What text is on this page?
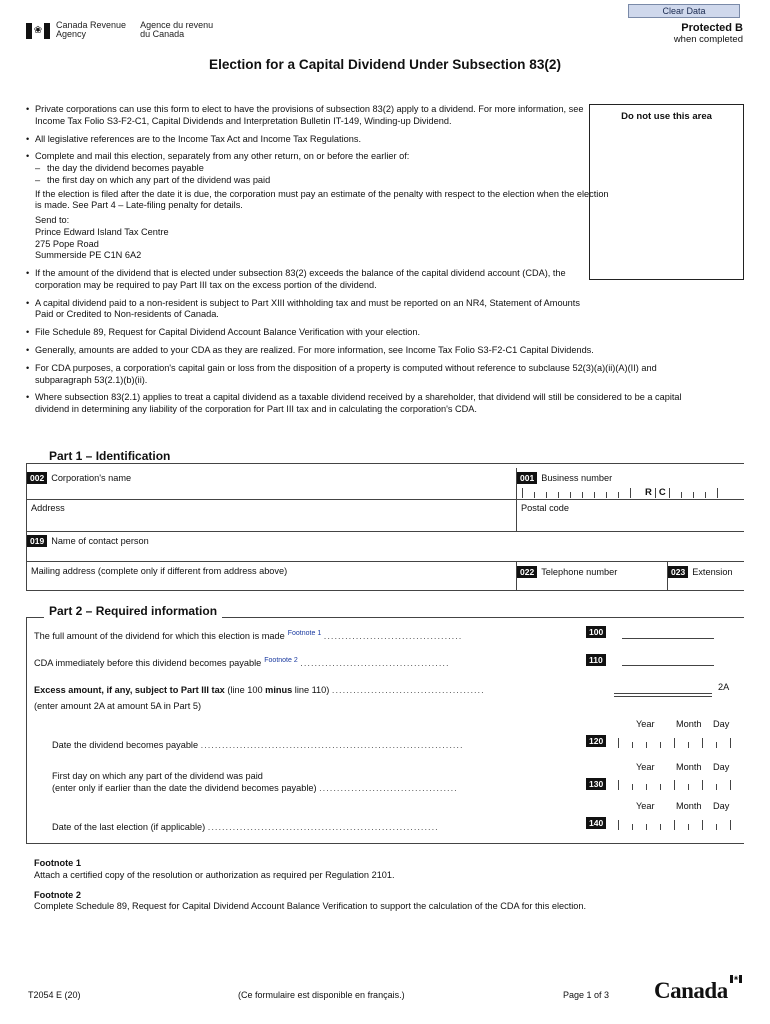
Clear Data
Protected B
when completed
❀ Canada Revenue
Agency
Agence du revenu
du Canada
Election for a Capital Dividend Under Subsection 83(2)
• Private corporations can use this form to elect to have the provisions of subsection 83(2) apply to a dividend. For more information, see Income Tax Folio S3-F2-C1, Capital Dividends and Interpretation Bulletin IT-149, Winding-up Dividend.
• All legislative references are to the Income Tax Act and Income Tax Regulations.
• Complete and mail this election, separately from any other return, on or before the earlier of:
– the day the dividend becomes payable
– the first day on which any part of the dividend was paid
If the election is filed after the date it is due, the corporation must pay an estimate of the penalty with respect to the election when the election is made. See Part 4 – Late-filing penalty for details.
Send to:
Prince Edward Island Tax Centre
275 Pope Road
Summerside PE C1N 6A2
• If the amount of the dividend that is elected under subsection 83(2) exceeds the balance of the capital dividend account (CDA), the corporation may be required to pay Part III tax on the excess portion of the dividend.
• A capital dividend paid to a non-resident is subject to Part XIII withholding tax and must be reported on an NR4, Statement of Amounts Paid or Credited to Non-residents of Canada.
• File Schedule 89, Request for Capital Dividend Account Balance Verification with your election.
• Generally, amounts are added to your CDA as they are realized. For more information, see Income Tax Folio S3-F2-C1 Capital Dividends.
• For CDA purposes, a corporation's capital gain or loss from the disposition of a property is computed without reference to subclause 52(3)(a)(ii)(A)(II) and subparagraph 53(2.1)(b)(ii).
• Where subsection 83(2.1) applies to treat a capital dividend as a taxable dividend received by a shareholder, that dividend will still be considered to be a capital dividend in determining any liability of the corporation for Part III tax and in calculating the corporation's CDA.
Do not use this area
Part 1 – Identification
002 Corporation's name	001 Business number
R C
Address	Postal code
019 Name of contact person
Mailing address (complete only if different from address above)	022 Telephone number	023 Extension
Part 2 – Required information
The full amount of the dividend for which this election is made $^{Footnote 1}$ .......................................	100
CDA immediately before this dividend becomes payable $^{Footnote 2}$ ..........................................	110
Excess amount, if any, subject to Part III tax (line 100 minus line 110) ...........................................
(enter amount 2A at amount 5A in Part 5)
2A
Year Month Day
Date the dividend becomes payable ..........................................................................	120
Year Month Day
First day on which any part of the dividend was paid
(enter only if earlier than the date the dividend becomes payable) .......................................	130
Year Month Day
Date of the last election (if applicable) .................................................................	140
Footnote 1
Attach a certified copy of the resolution or authorization as required per Regulation 2101.
Footnote 2
Complete Schedule 89, Request for Capital Dividend Account Balance Verification to support the calculation of the CDA for this election.
T2054 E (20)	(Ce formulaire est disponible en français.)	Page 1 of 3 Canada ❀
